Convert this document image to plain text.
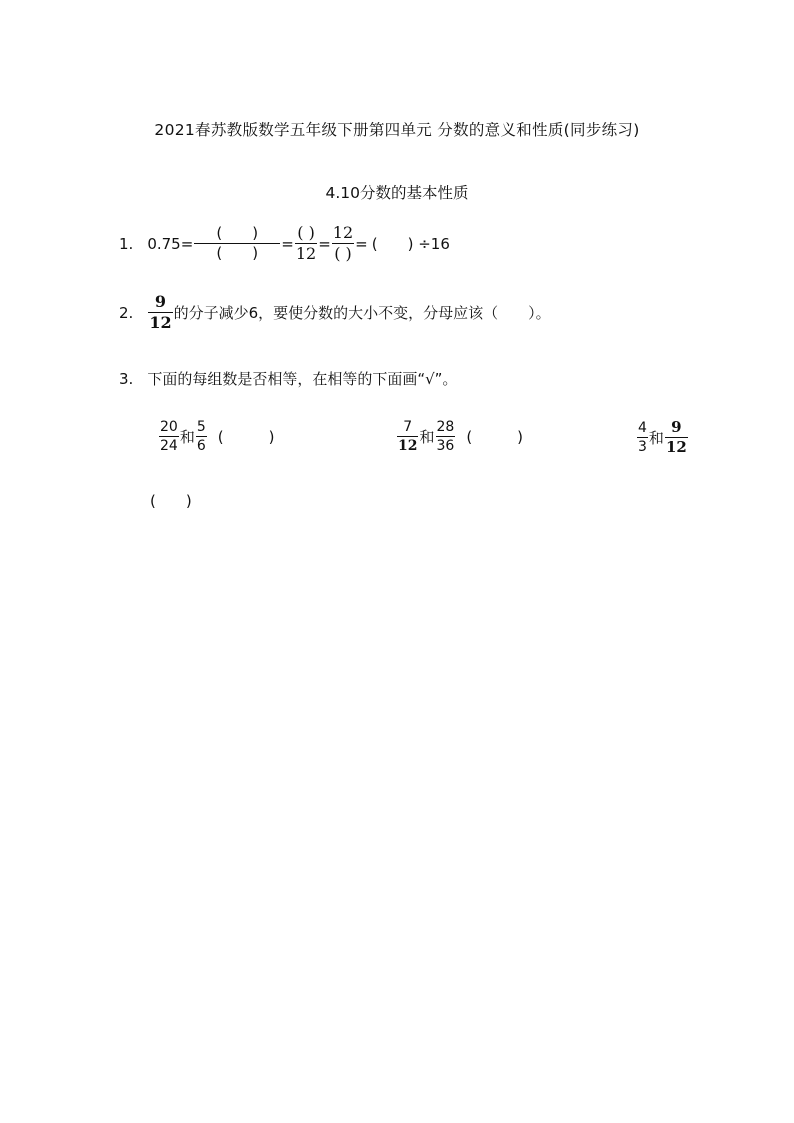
2021春苏教版数学五年级下册第四单元 分数的意义和性质(同步练习)
4.10分数的基本性质
1. $0.75= \frac{( )}{( )} = \frac{( )}{12} = \frac{12}{( )}$ = (　　) ÷16
2. $\frac{9}{12}$ 的分子减少6，要使分数的大小不变，分母应该（　　）。
3. 下面的每组数是否相等，在相等的下面画“√”。
$\frac{20}{24}$ 和 $\frac{5}{6}$ (　　　)	$\frac{7}{12}$ 和 $\frac{28}{36}$ (　　　)	$\frac{4}{3}$ 和 $\frac{9}{12}$
(　　)
